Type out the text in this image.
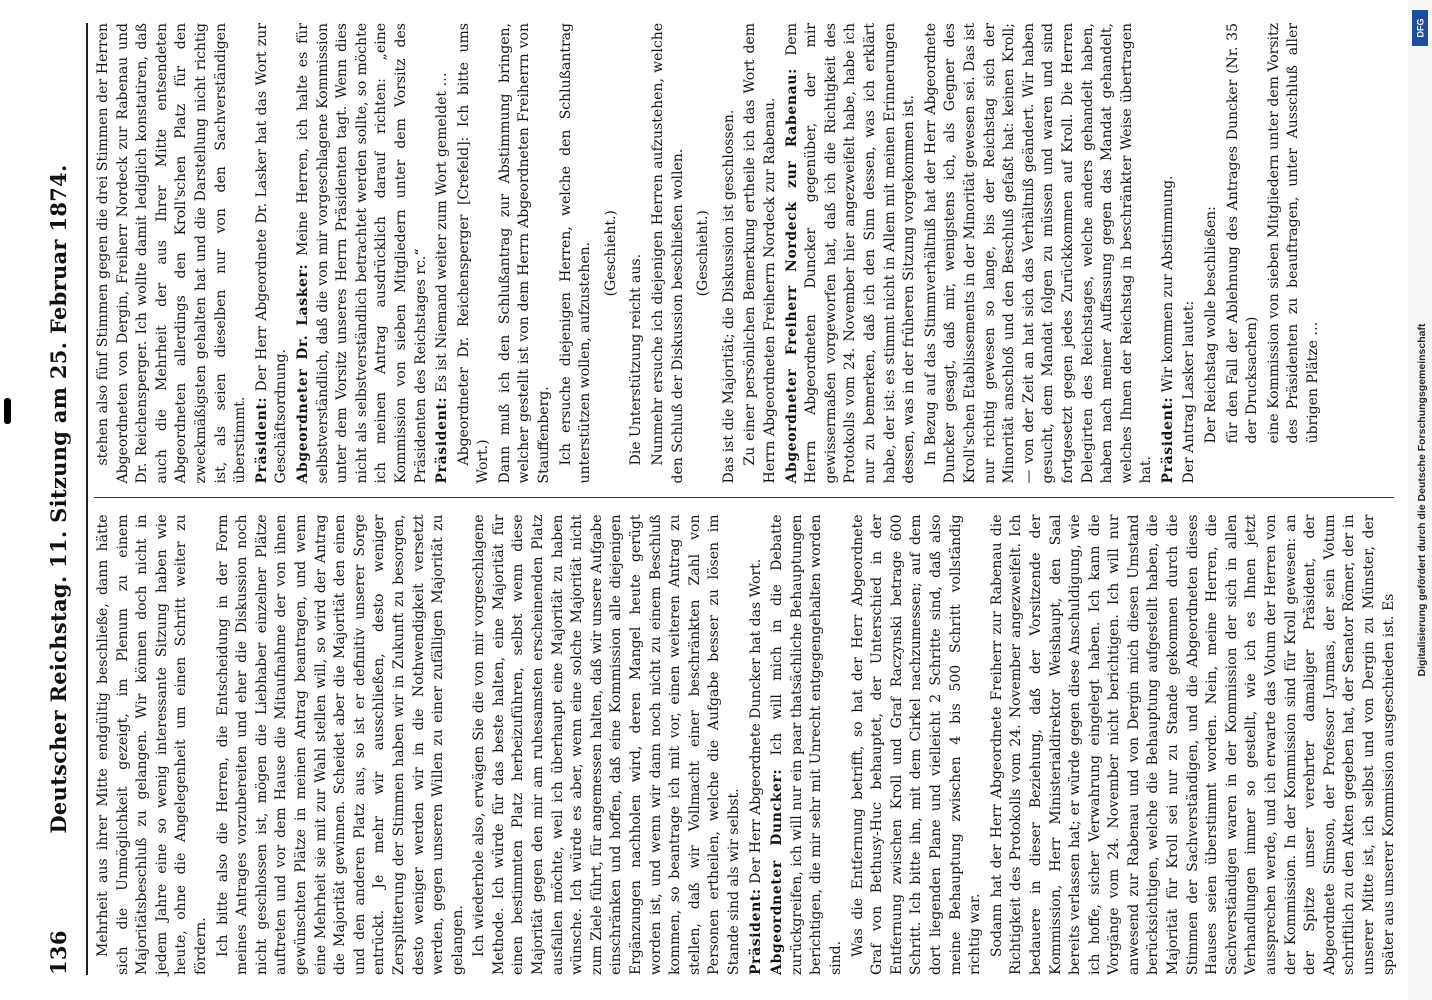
136
Deutscher Reichstag. 11. Sitzung am 25. Februar 1874. Mehrheit aus ihrer Mitte endgültig beschließe, dann hätte sich die Unmöglichkeit gezeigt, im Plenum zu einem Majoritätsbeschluß zu gelangen. Wir können doch nicht in jedem Jahre eine so wenig interessante Sitzung haben wie heute, ohne die Angelegenheit um einen Schritt weiter zu fördern. Ich bitte also die Herren, die Entscheidung in der Form meines Antrages vorzubereiten und eher die Diskussion noch nicht geschlossen ist, mögen die Liebhaber einzelner Plätze auftreten und vor dem Hause die Mitaufnahme der von ihnen gewünschten Plätze in meinen Antrag beantragen, und wenn eine Mehrheit sie mit zur Wahl stellen will, so wird der Antrag die Majorität gewinnen. Scheidet aber die Majorität den einen und den anderen Platz aus, so ist er definitiv unserer Sorge entrückt. Je mehr wir ausschließen, desto weniger Zersplitterung der Stimmen haben wir in Zukunft zu besorgen, desto weniger werden wir in die Nothwendigkeit versetzt werden, gegen unseren Willen zu einer zufälligen Majorität zu gelangen. Ich wiederhole also, erwägen Sie die von mir vorgeschlagene Methode. Ich würde für das beste halten, eine Majorität für einen bestimmten Platz herbeizuführen, selbst wenn diese Majorität gegen den mir am ruhesamsten erscheinenden Platz ausfallen möchte, weil ich überhaupt eine Majorität zu haben wünsche. Ich würde es aber, wenn eine solche Majorität nicht zum Ziele führt, für angemessen halten, daß wir unsere Aufgabe einschränken und hoffen, daß eine Kommission alle diejenigen Ergänzungen nachholen wird, deren Mangel heute gerügt worden ist, und wenn wir dann noch nicht zu einem Beschluß kommen, so beantrage ich mit vor, einen weiteren Antrag zu stellen, daß wir Vollmacht einer beschränkten Zahl von Personen ertheilen, welche die Aufgabe besser zu lösen im Stande sind als wir selbst. Präsident: Der Herr Abgeordnete Duncker hat das Wort. Abgeordneter Duncker: Ich will mich in die Debatte zurückgreifen, ich will nur ein paar thatsächliche Behauptungen berichtigen, die mir sehr mit Unrecht entgegengehalten worden sind.

Was die Entfernung betrifft, so hat der Herr Abgeordnete Graf von Bethusy-Huc behauptet, der Unterschied in der Entfernung zwischen Kroll und Graf Raczynski betrage 600 Schritt. Ich bitte ihn, mit dem Cirkel nachzumessen; auf dem dort liegenden Plane und vielleicht 2 Schritte sind, daß also meine Behauptung zwischen 4 bis 500 Schritt vollständig richtig war. Sodann hat der Herr Abgeordnete Freiherr zur Rabenau die Richtigkeit des Protokolls vom 24. November angezweifelt. Ich bedauere in dieser Beziehung, daß der Vorsitzende der Kommission, Herr Ministerialdirektor Weishaupt, den Saal bereits verlassen hat; er würde gegen diese Anschuldigung, wie ich hoffe, sicher Verwahrung eingelegt haben. Ich kann die Vorgänge vom 24. November nicht berichtigen. Ich will nur anwesend zur Rabenau und von Dergin mich diesen Umstand berücksichtigen, welche die Behauptung aufgestellt haben, die Majorität für Kroll sei nur zu Stande gekommen durch die Stimmen der Sachverständigen, und die Abgeordneten dieses Hauses seien überstimmt worden. Nein, meine Herren, die Sachverständigen waren in der Kommission der sich in allen Verhandlungen immer so gestellt, wie ich es Ihnen jetzt aussprechen werde, und ich erwarte das Votum der Herren von der Kommission. In der Kommission sind für Kroll gewesen: an der Spitze unser verehrter damaliger Präsident, der Abgeordnete Simson, der Professor Lynmas, der sein Votum schriftlich zu den Akten gegeben hat, der Senator Römer, der in unserer Mitte ist, ich selbst und von Dergin zu Münster, der später aus unserer Kommission ausgeschieden ist. Es

stehen also fünf Stimmen gegen die drei Stimmen der Herren Abgeordneten von Dergin, Freiherr Nordeck zur Rabenau und Dr. Reichensperger. Ich wollte damit lediglich konstatiren, daß auch die Mehrheit der aus Ihrer Mitte entsendeten Abgeordneten allerdings den Kroll'schen Platz für den zweckmäßigsten gehalten hat und die Darstellung nicht richtig ist, als seien dieselben nur von den Sachverständigen überstimmt. Präsident: Der Herr Abgeordnete Dr. Lasker hat das Wort zur Geschäftsordnung. Abgeordneter Dr. Lasker: Meine Herren, ich halte es für selbstverständlich, daß die von mir vorgeschlagene Kommission unter dem Vorsitz unseres Herrn Präsidenten tagt. Wenn dies nicht als selbstverständlich betrachtet werden sollte, so möchte ich meinen Antrag ausdrücklich darauf richten: „eine Kommission von sieben Mitgliedern unter dem Vorsitz des Präsidenten des Reichstages rc.“ Präsident: Es ist Niemand weiter zum Wort gemeldet … Abgeordneter Dr. Reichensperger [Crefeld]: Ich bitte ums Wort.) Dann muß ich den Schlußantrag zur Abstimmung bringen, welcher gestellt ist von dem Herrn Abgeordneten Freiherrn von Stauffenberg. Ich ersuche diejenigen Herren, welche den Schlußantrag unterstützen wollen, aufzustehen. (Geschieht.)

Die Unterstützung reicht aus. Nunmehr ersuche ich diejenigen Herren aufzustehen, welche den Schluß der Diskussion beschließen wollen. (Geschieht.) Das ist die Majorität; die Diskussion ist geschlossen. Zu einer persönlichen Bemerkung ertheile ich das Wort dem Herrn Abgeordneten Freiherrn Nordeck zur Rabenau. Abgeordneter Freiherr Nordeck zur Rabenau: Dem Herrn Abgeordneten Duncker gegenüber, der mir gewissermaßen vorgeworfen hat, daß ich die Richtigkeit des Protokolls vom 24. November hier angezweifelt habe, habe ich nur zu bemerken, daß ich den Sinn dessen, was ich erklärt habe, der ist: es stimmt nicht in Allem mit meinen Erinnerungen dessen, was in der früheren Sitzung vorgekommen ist. In Bezug auf das Stimmverhältniß hat der Herr Abgeordnete Duncker gesagt, daß mir, wenigstens ich, als Gegner des Kroll'schen Etablissements in der Minorität gewesen sei. Das ist nur richtig gewesen so lange, bis der Reichstag sich der Minorität anschloß und den Beschluß gefaßt hat: keinen Kroll; — von der Zeit an hat sich das Verhältniß geändert. Wir haben gesucht, dem Mandat folgen zu müssen und waren und sind fortgesetzt gegen jedes Zurückkommen auf Kroll. Die Herren Delegirten des Reichstages, welche anders gehandelt haben, haben nach meiner Auffassung gegen das Mandat gehandelt, welches Ihnen der Reichstag in beschränkter Weise übertragen hat. Präsident: Wir kommen zur Abstimmung. Der Antrag Lasker lautet: Der Reichstag wolle beschließen: für den Fall der Ablehnung des Antrages Duncker (Nr. 35 der Drucksachen) eine Kommission von sieben Mitgliedern unter dem Vorsitz des Präsidenten zu beauftragen, unter Ausschluß aller übrigen Plätze …

DFG
Digitalisierung gefördert durch die Deutsche Forschungsgemeinschaft
